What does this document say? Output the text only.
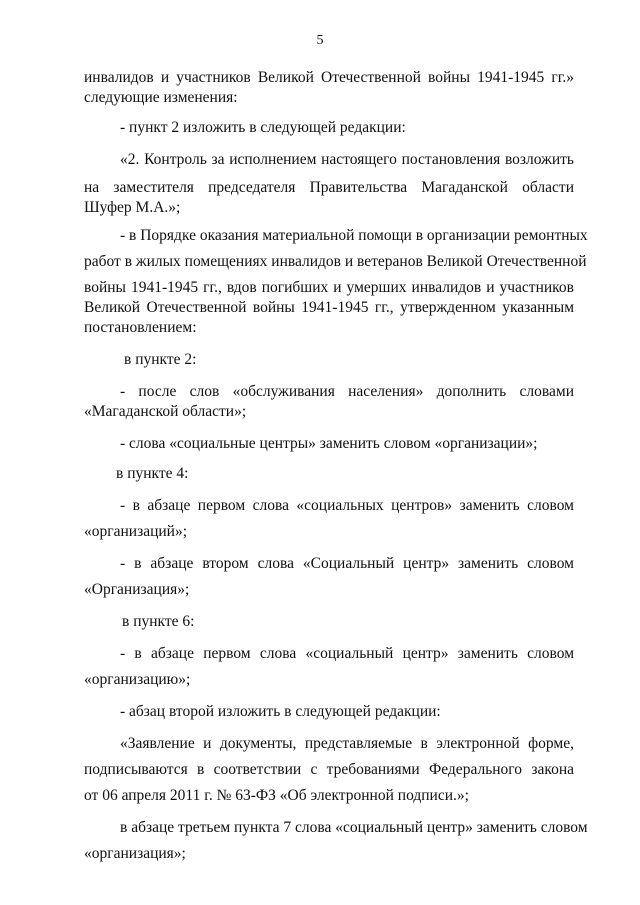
5
инвалидов и участников Великой Отечественной войны 1941-1945 гг.»
следующие изменения:
- пункт 2 изложить в следующей редакции:
«2. Контроль за исполнением настоящего постановления возложить
на заместителя председателя Правительства Магаданской области
Шуфер М.А.»;
- в Порядке оказания материальной помощи в организации ремонтных
работ в жилых помещениях инвалидов и ветеранов Великой Отечественной
войны 1941-1945 гг., вдов погибших и умерших инвалидов и участников
Великой Отечественной войны 1941-1945 гг., утвержденном указанным
постановлением:
в пункте 2:
- после слов «обслуживания населения» дополнить словами
«Магаданской области»;
- слова «социальные центры» заменить словом «организации»;
в пункте 4:
- в абзаце первом слова «социальных центров» заменить словом
«организаций»;
- в абзаце втором слова «Социальный центр» заменить словом
«Организация»;
в пункте 6:
- в абзаце первом слова «социальный центр» заменить словом
«организацию»;
- абзац второй изложить в следующей редакции:
«Заявление и документы, представляемые в электронной форме,
подписываются в соответствии с требованиями Федерального закона
от 06 апреля 2011 г. № 63-ФЗ «Об электронной подписи.»;
в абзаце третьем пункта 7 слова «социальный центр» заменить словом
«организация»;
